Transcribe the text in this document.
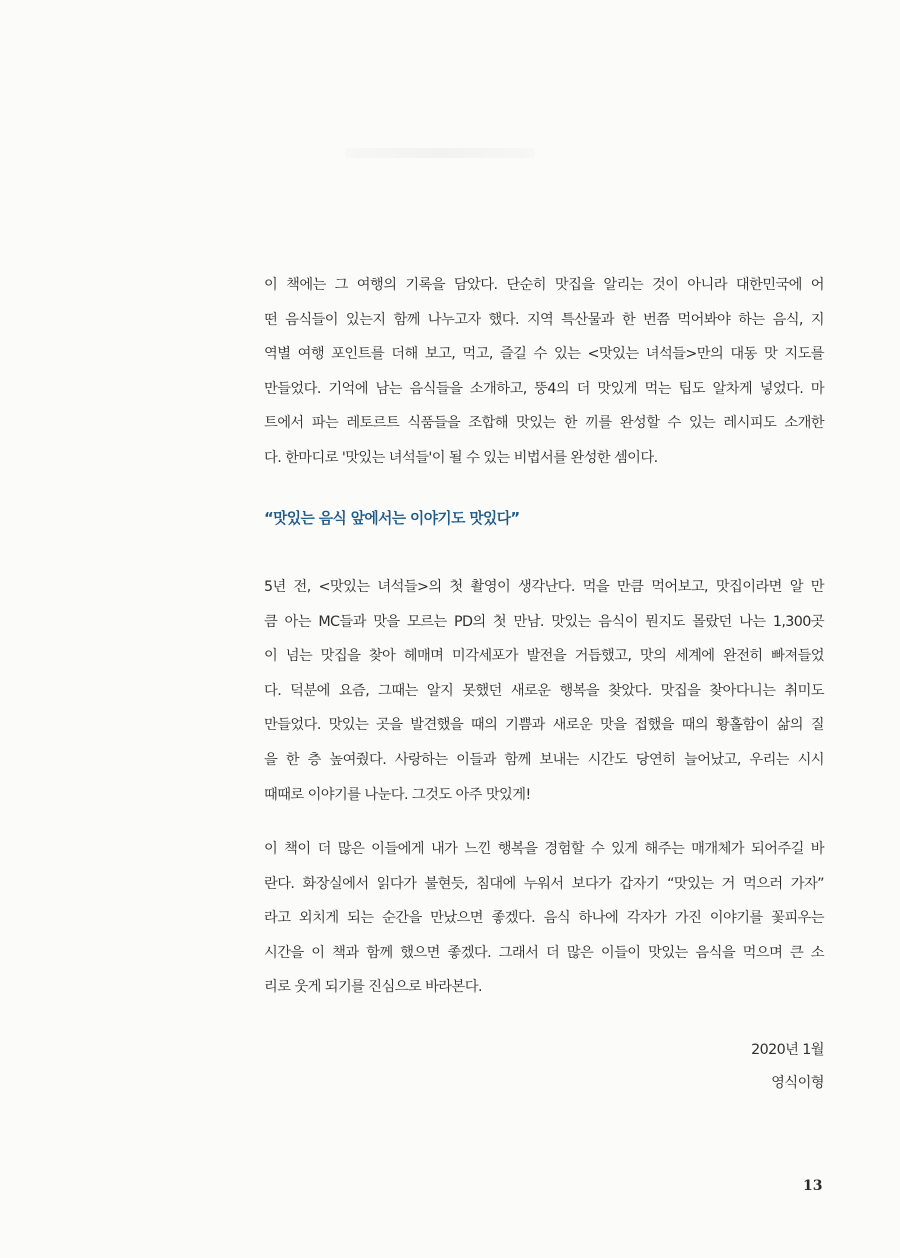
이 책에는 그 여행의 기록을 담았다. 단순히 맛집을 알리는 것이 아니라 대한민국에 어
떤 음식들이 있는지 함께 나누고자 했다. 지역 특산물과 한 번쯤 먹어봐야 하는 음식, 지
역별 여행 포인트를 더해 보고, 먹고, 즐길 수 있는 <맛있는 녀석들>만의 대동 맛 지도를
만들었다. 기억에 남는 음식들을 소개하고, 뚱4의 더 맛있게 먹는 팁도 알차게 넣었다. 마
트에서 파는 레토르트 식품들을 조합해 맛있는 한 끼를 완성할 수 있는 레시피도 소개한
다. 한마디로 '맛있는 녀석들'이 될 수 있는 비법서를 완성한 셈이다.

“맛있는 음식 앞에서는 이야기도 맛있다”

5년 전, <맛있는 녀석들>의 첫 촬영이 생각난다. 먹을 만큼 먹어보고, 맛집이라면 알 만
큼 아는 MC들과 맛을 모르는 PD의 첫 만남. 맛있는 음식이 뭔지도 몰랐던 나는 1,300곳
이 넘는 맛집을 찾아 헤매며 미각세포가 발전을 거듭했고, 맛의 세계에 완전히 빠져들었
다. 덕분에 요즘, 그때는 알지 못했던 새로운 행복을 찾았다. 맛집을 찾아다니는 취미도
만들었다. 맛있는 곳을 발견했을 때의 기쁨과 새로운 맛을 접했을 때의 황홀함이 삶의 질
을 한 층 높여줬다. 사랑하는 이들과 함께 보내는 시간도 당연히 늘어났고, 우리는 시시
때때로 이야기를 나눈다. 그것도 아주 맛있게!

이 책이 더 많은 이들에게 내가 느낀 행복을 경험할 수 있게 해주는 매개체가 되어주길 바
란다. 화장실에서 읽다가 불현듯, 침대에 누워서 보다가 갑자기 “맛있는 거 먹으러 가자”
라고 외치게 되는 순간을 만났으면 좋겠다. 음식 하나에 각자가 가진 이야기를 꽃피우는
시간을 이 책과 함께 했으면 좋겠다. 그래서 더 많은 이들이 맛있는 음식을 먹으며 큰 소
리로 웃게 되기를 진심으로 바라본다.

2020년 1월
영식이형
13
